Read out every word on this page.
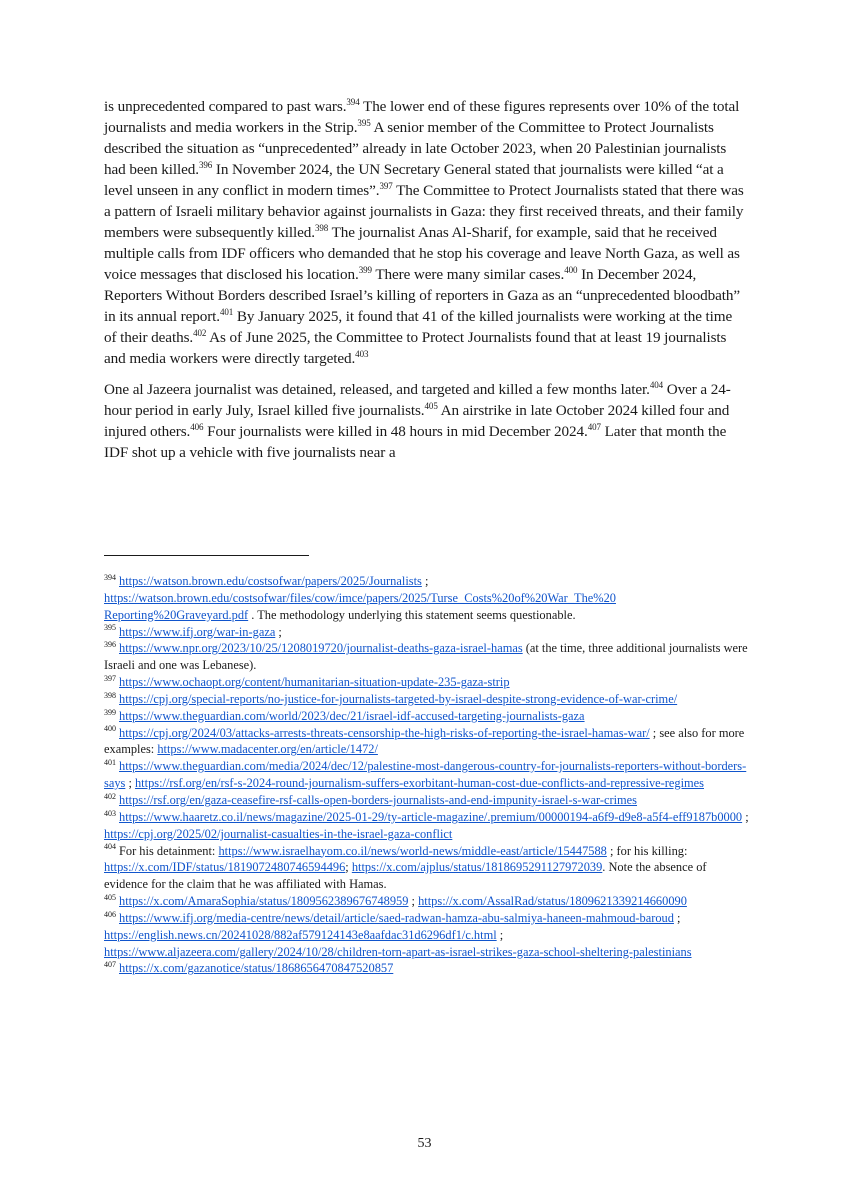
is unprecedented compared to past wars.$^{394}$ The lower end of these figures represents over 10% of the total journalists and media workers in the Strip.$^{395}$ A senior member of the Committee to Protect Journalists described the situation as “unprecedented” already in late October 2023, when 20 Palestinian journalists had been killed.$^{396}$ In November 2024, the UN Secretary General stated that journalists were killed “at a level unseen in any conflict in modern times”.$^{397}$ The Committee to Protect Journalists stated that there was a pattern of Israeli military behavior against journalists in Gaza: they first received threats, and their family members were subsequently killed.$^{398}$ The journalist Anas Al-Sharif, for example, said that he received multiple calls from IDF officers who demanded that he stop his coverage and leave North Gaza, as well as voice messages that disclosed his location.$^{399}$ There were many similar cases.$^{400}$ In December 2024, Reporters Without Borders described Israel’s killing of reporters in Gaza as an “unprecedented bloodbath” in its annual report.$^{401}$ By January 2025, it found that 41 of the killed journalists were working at the time of their deaths.$^{402}$ As of June 2025, the Committee to Protect Journalists found that at least 19 journalists and media workers were directly targeted.$^{403}$

One al Jazeera journalist was detained, released, and targeted and killed a few months later.$^{404}$ Over a 24-hour period in early July, Israel killed five journalists.$^{405}$ An airstrike in late October 2024 killed four and injured others.$^{406}$ Four journalists were killed in 48 hours in mid December 2024.$^{407}$ Later that month the IDF shot up a vehicle with five journalists near a

$^{394}$ https://watson.brown.edu/costsofwar/papers/2025/Journalists ; https://watson.brown.edu/costsofwar/files/cow/imce/papers/2025/Turse_Costs%20of%20War_The%20 Reporting%20Graveyard.pdf . The methodology underlying this statement seems questionable.
$^{395}$ https://www.ifj.org/war-in-gaza ;
$^{396}$ https://www.npr.org/2023/10/25/1208019720/journalist-deaths-gaza-israel-hamas (at the time, three additional journalists were Israeli and one was Lebanese).
$^{397}$ https://www.ochaopt.org/content/humanitarian-situation-update-235-gaza-strip
$^{398}$ https://cpj.org/special-reports/no-justice-for-journalists-targeted-by-israel-despite-strong-evidence-of-war-crime/
$^{399}$ https://www.theguardian.com/world/2023/dec/21/israel-idf-accused-targeting-journalists-gaza
$^{400}$ https://cpj.org/2024/03/attacks-arrests-threats-censorship-the-high-risks-of-reporting-the-israel-hamas-war/ ; see also for more examples: https://www.madacenter.org/en/article/1472/
$^{401}$ https://www.theguardian.com/media/2024/dec/12/palestine-most-dangerous-country-for-journalists-reporters-without-borders-says ; https://rsf.org/en/rsf-s-2024-round-journalism-suffers-exorbitant-human-cost-due-conflicts-and-repressive-regimes
$^{402}$ https://rsf.org/en/gaza-ceasefire-rsf-calls-open-borders-journalists-and-end-impunity-israel-s-war-crimes
$^{403}$ https://www.haaretz.co.il/news/magazine/2025-01-29/ty-article-magazine/.premium/00000194-a6f9-d9e8-a5f4-eff9187b0000 ; https://cpj.org/2025/02/journalist-casualties-in-the-israel-gaza-conflict
$^{404}$ For his detainment: https://www.israelhayom.co.il/news/world-news/middle-east/article/15447588 ; for his killing: https://x.com/IDF/status/1819072480746594496; https://x.com/ajplus/status/1818695291127972039. Note the absence of evidence for the claim that he was affiliated with Hamas.
$^{405}$ https://x.com/AmaraSophia/status/1809562389676748959 ; https://x.com/AssalRad/status/1809621339214660090
$^{406}$ https://www.ifj.org/media-centre/news/detail/article/saed-radwan-hamza-abu-salmiya-haneen-mahmoud-baroud ; https://english.news.cn/20241028/882af579124143e8aafdac31d6296df1/c.html ; https://www.aljazeera.com/gallery/2024/10/28/children-torn-apart-as-israel-strikes-gaza-school-sheltering-palestinians
$^{407}$ https://x.com/gazanotice/status/1868656470847520857
53
